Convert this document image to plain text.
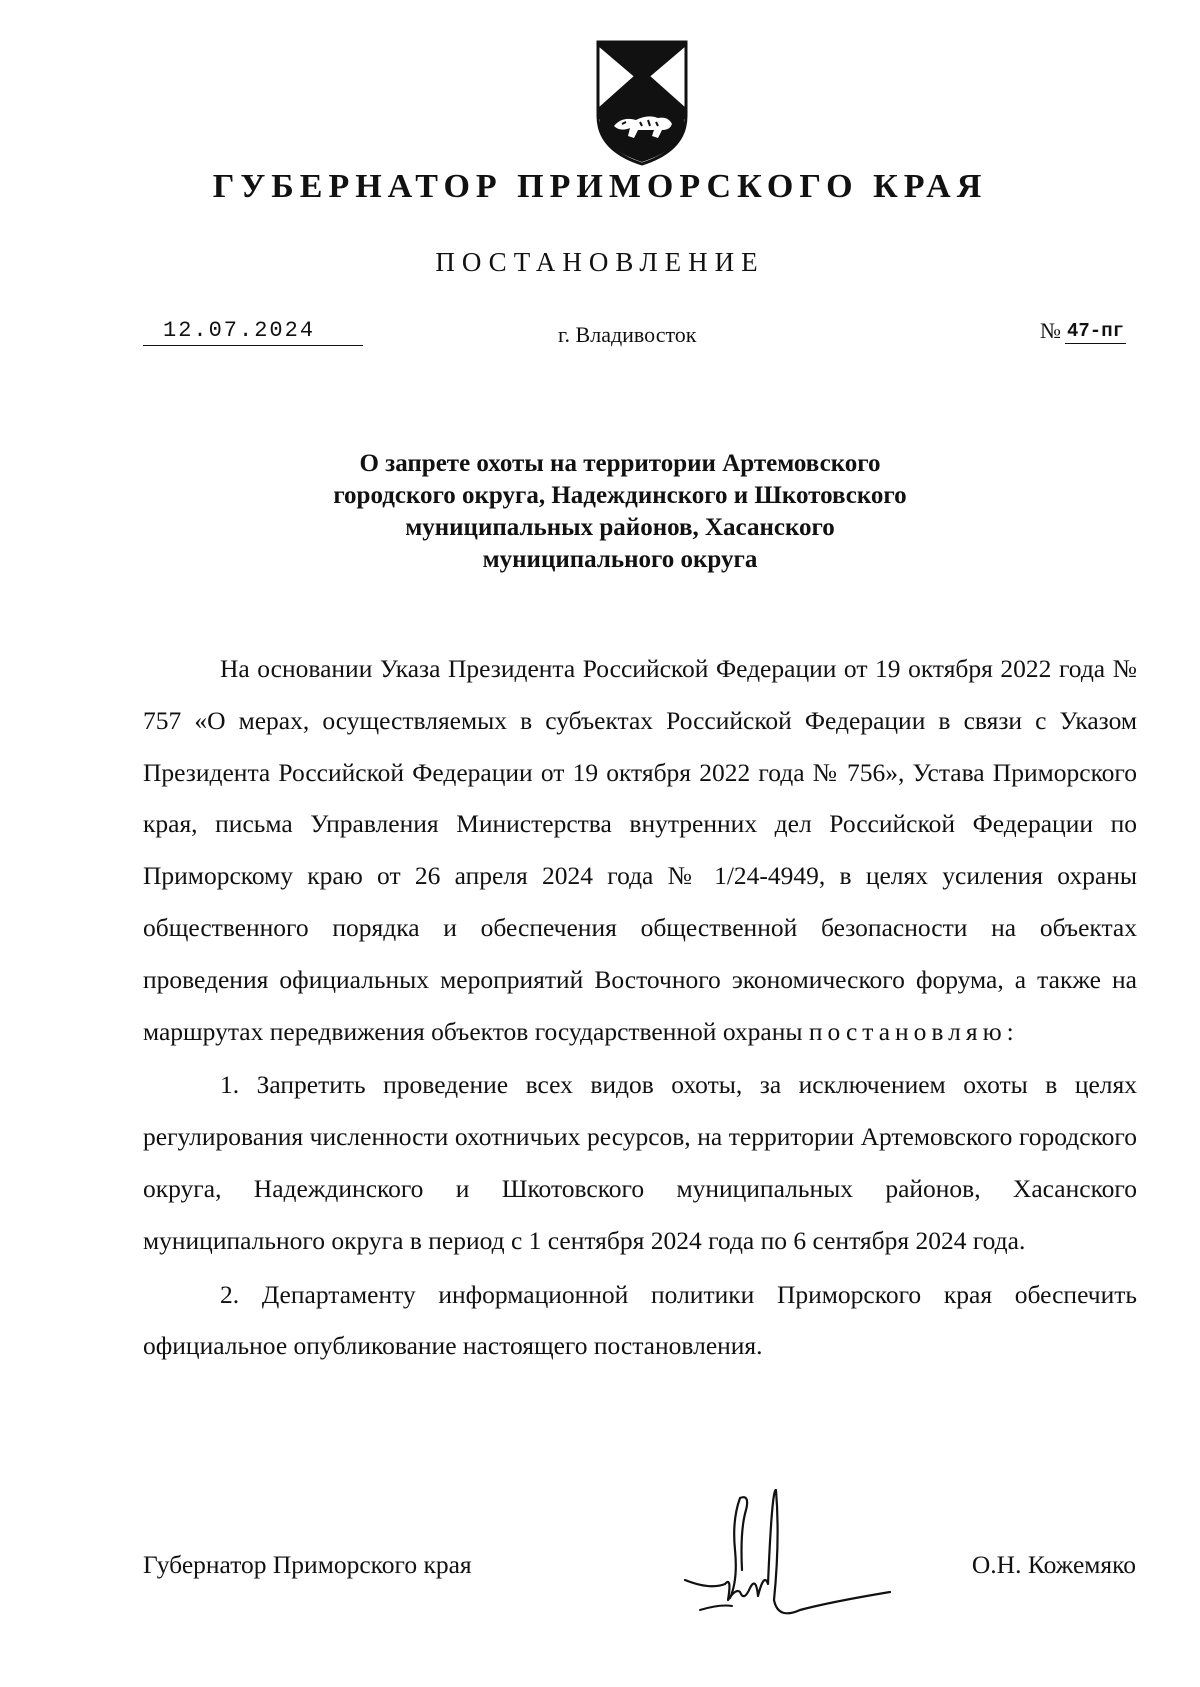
ГУБЕРНАТОР ПРИМОРСКОГО КРАЯ
ПОСТАНОВЛЕНИЕ
12.07.2024	г. Владивосток	№ 47-пг
О запрете охоты на территории Артемовского
городского округа, Надеждинского и Шкотовского
муниципальных районов, Хасанского
муниципального округа

На основании Указа Президента Российской Федерации от 19 октября 2022 года № 757 «О мерах, осуществляемых в субъектах Российской Федерации в связи с Указом Президента Российской Федерации от 19 октября 2022 года № 756», Устава Приморского края, письма Управления Министерства внутренних дел Российской Федерации по Приморскому краю от 26 апреля 2024 года № 1/24-4949, в целях усиления охраны общественного порядка и обеспечения общественной безопасности на объектах проведения официальных мероприятий Восточного экономического форума, а также на маршрутах передвижения объектов государственной охраны постановляю:

1. Запретить проведение всех видов охоты, за исключением охоты в целях регулирования численности охотничьих ресурсов, на территории Артемовского городского округа, Надеждинского и Шкотовского муниципальных районов, Хасанского муниципального округа в период с 1 сентября 2024 года по 6 сентября 2024 года.

2. Департаменту информационной политики Приморского края обеспечить официальное опубликование настоящего постановления.

Губернатор Приморского края	О.Н. Кожемяко
